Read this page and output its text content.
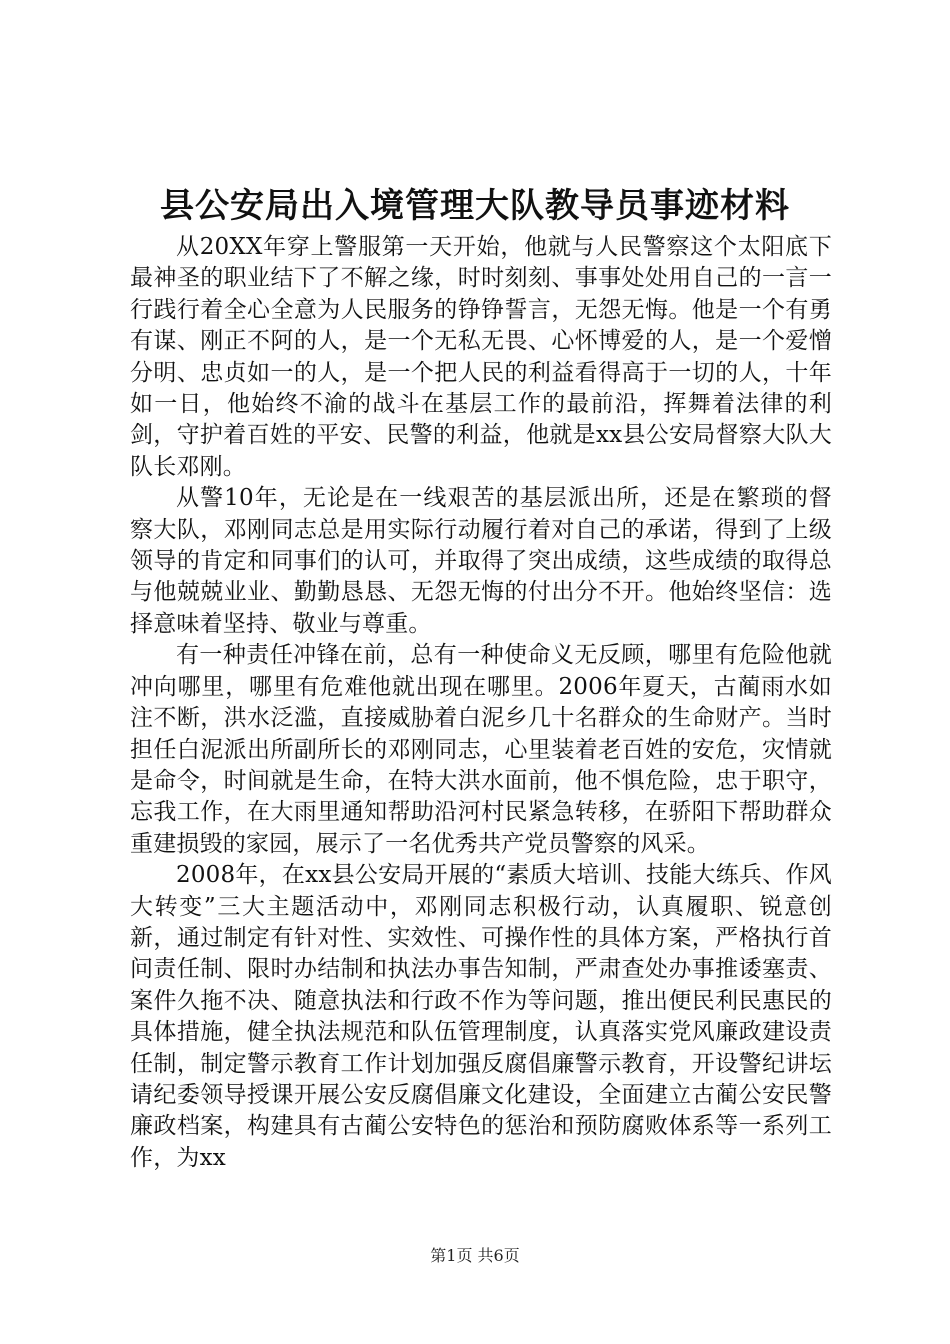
县公安局出入境管理大队教导员事迹材料

从20XX年穿上警服第一天开始，他就与人民警察这个太阳底下最神圣的职业结下了不解之缘，时时刻刻、事事处处用自己的一言一行践行着全心全意为人民服务的铮铮誓言，无怨无悔。他是一个有勇有谋、刚正不阿的人，是一个无私无畏、心怀博爱的人，是一个爱憎分明、忠贞如一的人，是一个把人民的利益看得高于一切的人，十年如一日，他始终不渝的战斗在基层工作的最前沿，挥舞着法律的利剑，守护着百姓的平安、民警的利益，他就是xx县公安局督察大队大队长邓刚。

从警10年，无论是在一线艰苦的基层派出所，还是在繁琐的督察大队，邓刚同志总是用实际行动履行着对自己的承诺，得到了上级领导的肯定和同事们的认可，并取得了突出成绩，这些成绩的取得总与他兢兢业业、勤勤恳恳、无怨无悔的付出分不开。他始终坚信：选择意味着坚持、敬业与尊重。

有一种责任冲锋在前，总有一种使命义无反顾，哪里有危险他就冲向哪里，哪里有危难他就出现在哪里。2006年夏天，古蔺雨水如注不断，洪水泛滥，直接威胁着白泥乡几十名群众的生命财产。当时担任白泥派出所副所长的邓刚同志，心里装着老百姓的安危，灾情就是命令，时间就是生命，在特大洪水面前，他不惧危险，忠于职守，忘我工作，在大雨里通知帮助沿河村民紧急转移，在骄阳下帮助群众重建损毁的家园，展示了一名优秀共产党员警察的风采。

2008年，在xx县公安局开展的“素质大培训、技能大练兵、作风大转变”三大主题活动中，邓刚同志积极行动，认真履职、锐意创新，通过制定有针对性、实效性、可操作性的具体方案，严格执行首问责任制、限时办结制和执法办事告知制，严肃查处办事推诿塞责、案件久拖不决、随意执法和行政不作为等问题，推出便民利民惠民的具体措施，健全执法规范和队伍管理制度，认真落实党风廉政建设责任制，制定警示教育工作计划加强反腐倡廉警示教育，开设警纪讲坛请纪委领导授课开展公安反腐倡廉文化建设，全面建立古蔺公安民警廉政档案，构建具有古蔺公安特色的惩治和预防腐败体系等一系列工作，为xx

第1页 共6页
